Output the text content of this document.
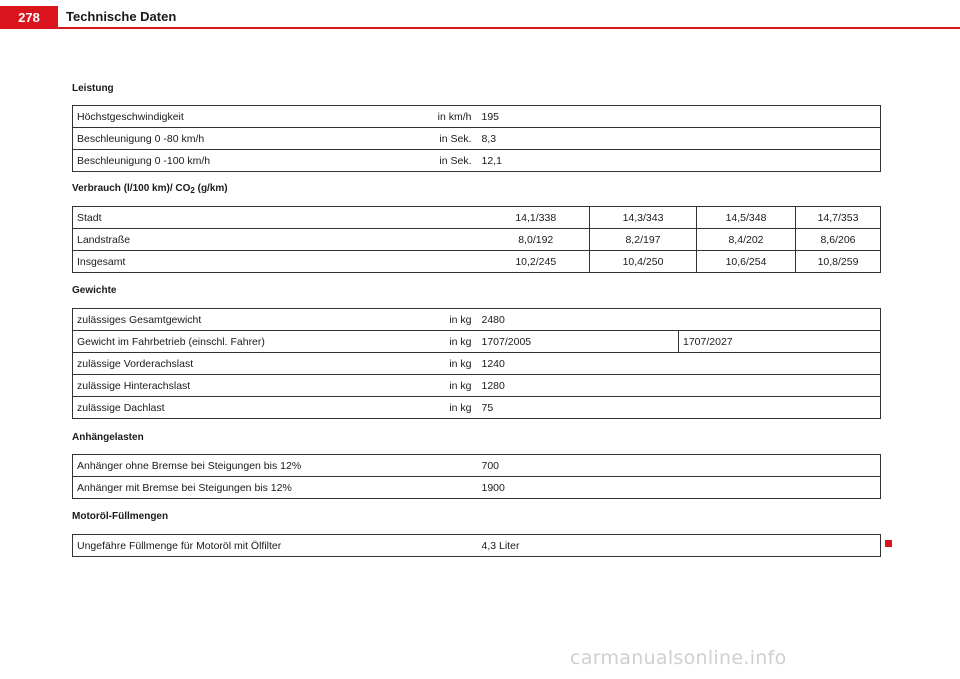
278	Technische Daten
Leistung
Höchstgeschwindigkeit in km/h	195

Beschleunigung 0 -80 km/h in Sek.	8,3

Beschleunigung 0 -100 km/h in Sek.	12,1
Verbrauch (l/100 km)/ $CO_2$ (g/km)
Stadt	14,1/338	14,3/343	14,5/348	14,7/353
Landstraße	8,0/192	8,2/197	8,4/202	8,6/206
Insgesamt	10,2/245	10,4/250	10,6/254	10,8/259
Gewichte
zulässiges Gesamtgewicht in kg	2480	

Gewicht im Fahrbetrieb (einschl. Fahrer) in kg	1707/2005	1707/2027

zulässige Vorderachslast in kg	1240	

zulässige Hinterachslast in kg	1280	

zulässige Dachlast in kg	75	
Anhängelasten
Anhänger ohne Bremse bei Steigungen bis 12%	700
Anhänger mit Bremse bei Steigungen bis 12%	1900
Motoröl-Füllmengen
Ungefähre Füllmenge für Motoröl mit Ölfilter	4,3 Liter
carmanualsonline.info
